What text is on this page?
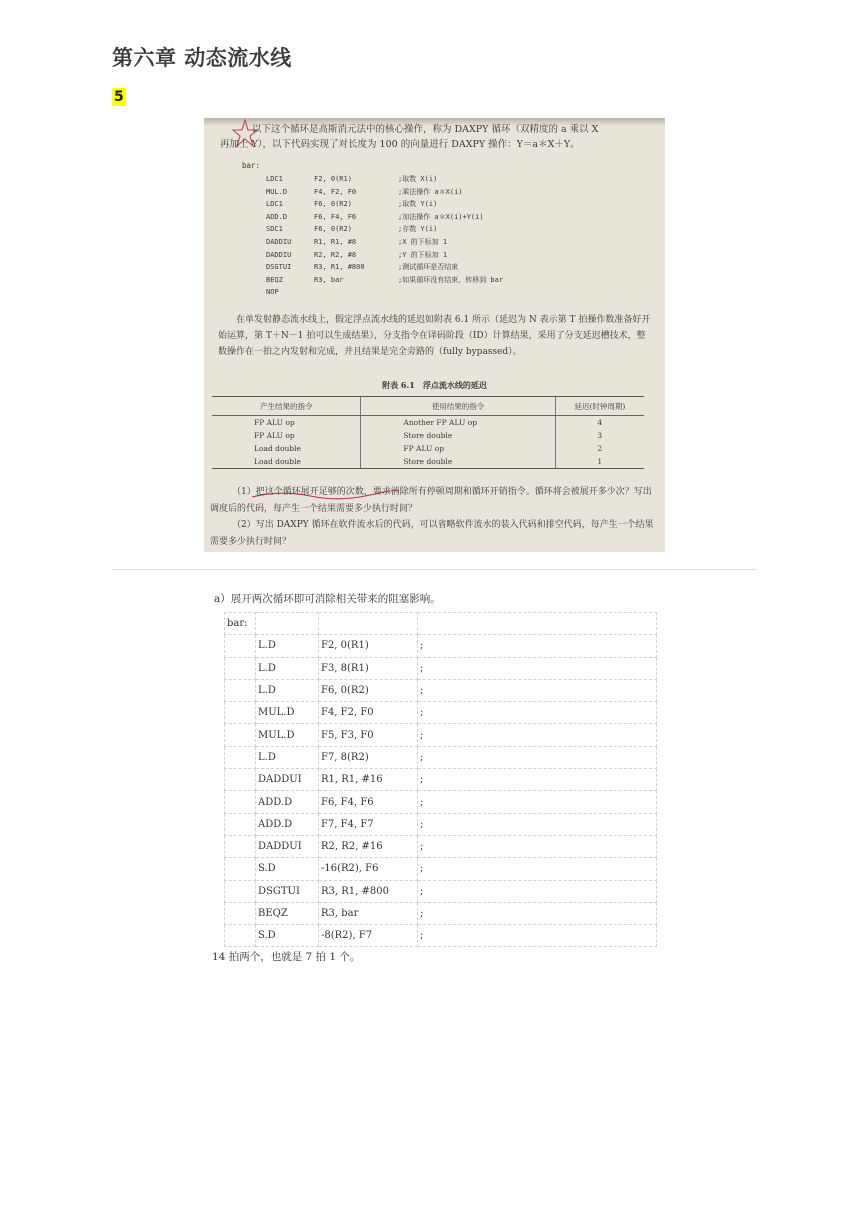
第六章 动态流水线
5
以下这个循环是高斯消元法中的核心操作，称为 DAXPY 循环（双精度的 a 乘以 X
再加上 Y），以下代码实现了对长度为 100 的向量进行 DAXPY 操作：Y＝a＊X＋Y。
bar:
LDC1	F2, 0(R1)	;取数 X(i)
MUL.D	F4, F2, F0	;乘法操作 a＊X(i)
LDC1	F6, 0(R2)	;取数 Y(i)
ADD.D	F6, F4, F6	;加法操作 a＊X(i)+Y(i)
SDC1	F6, 0(R2)	;存数 Y(i)
DADDIU	R1, R1, #8	;X 的下标加 1
DADDIU	R2, R2, #8	;Y 的下标加 1
DSGTUI	R3, R1, #800	;测试循环是否结束
BEQZ	R3, bar	;如果循环没有结束，转移到 bar
NOP
在单发射静态流水线上，假定浮点流水线的延迟如附表 6.1 所示（延迟为 N 表示第 T 拍操作数准备好开始运算，第 T＋N－1 拍可以生成结果），分支指令在译码阶段（ID）计算结果，采用了分支延迟槽技术，整数操作在一拍之内发射和完成，并且结果是完全旁路的（fully bypassed）。
附表 6.1　浮点流水线的延迟
产生结果的指令	使用结果的指令	延迟(时钟周期)
FP ALU op	Another FP ALU op	4
FP ALU op	Store double	3
Load double	FP ALU op	2
Load double	Store double	1
（1）把这个循环展开足够的次数，要求消除所有停顿周期和循环开销指令。循环将会被展开多少次？写出调度后的代码，每产生一个结果需要多少执行时间？
（2）写出 DAXPY 循环在软件流水后的代码，可以省略软件流水的装入代码和排空代码，每产生一个结果需要多少执行时间？
a）展开两次循环即可消除相关带来的阻塞影响。
bar:			
	L.D	F2, 0(R1)	;
	L.D	F3, 8(R1)	;
	L.D	F6, 0(R2)	;
	MUL.D	F4, F2, F0	;
	MUL.D	F5, F3, F0	;
	L.D	F7, 8(R2)	;
	DADDUI	R1, R1, #16	;
	ADD.D	F6, F4, F6	;
	ADD.D	F7, F4, F7	;
	DADDUI	R2, R2, #16	;
	S.D	-16(R2), F6	;
	DSGTUI	R3, R1, #800	;
	BEQZ	R3, bar	;
	S.D	-8(R2), F7	;
14 拍两个，也就是 7 拍 1 个。
